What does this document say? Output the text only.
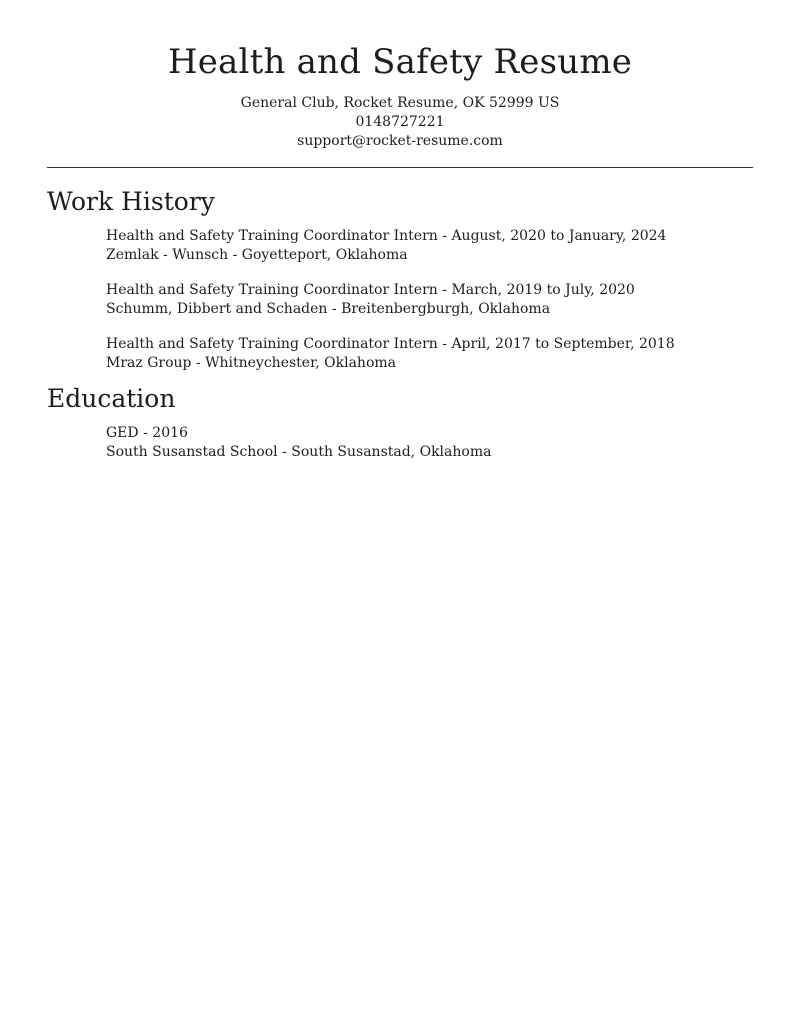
Health and Safety Resume

General Club, Rocket Resume, OK 52999 US

0148727221

support@rocket-resume.com

Work History

Health and Safety Training Coordinator Intern - August, 2020 to January, 2024

Zemlak - Wunsch - Goyetteport, Oklahoma

Health and Safety Training Coordinator Intern - March, 2019 to July, 2020

Schumm, Dibbert and Schaden - Breitenbergburgh, Oklahoma

Health and Safety Training Coordinator Intern - April, 2017 to September, 2018

Mraz Group - Whitneychester, Oklahoma

Education

GED - 2016

South Susanstad School - South Susanstad, Oklahoma
